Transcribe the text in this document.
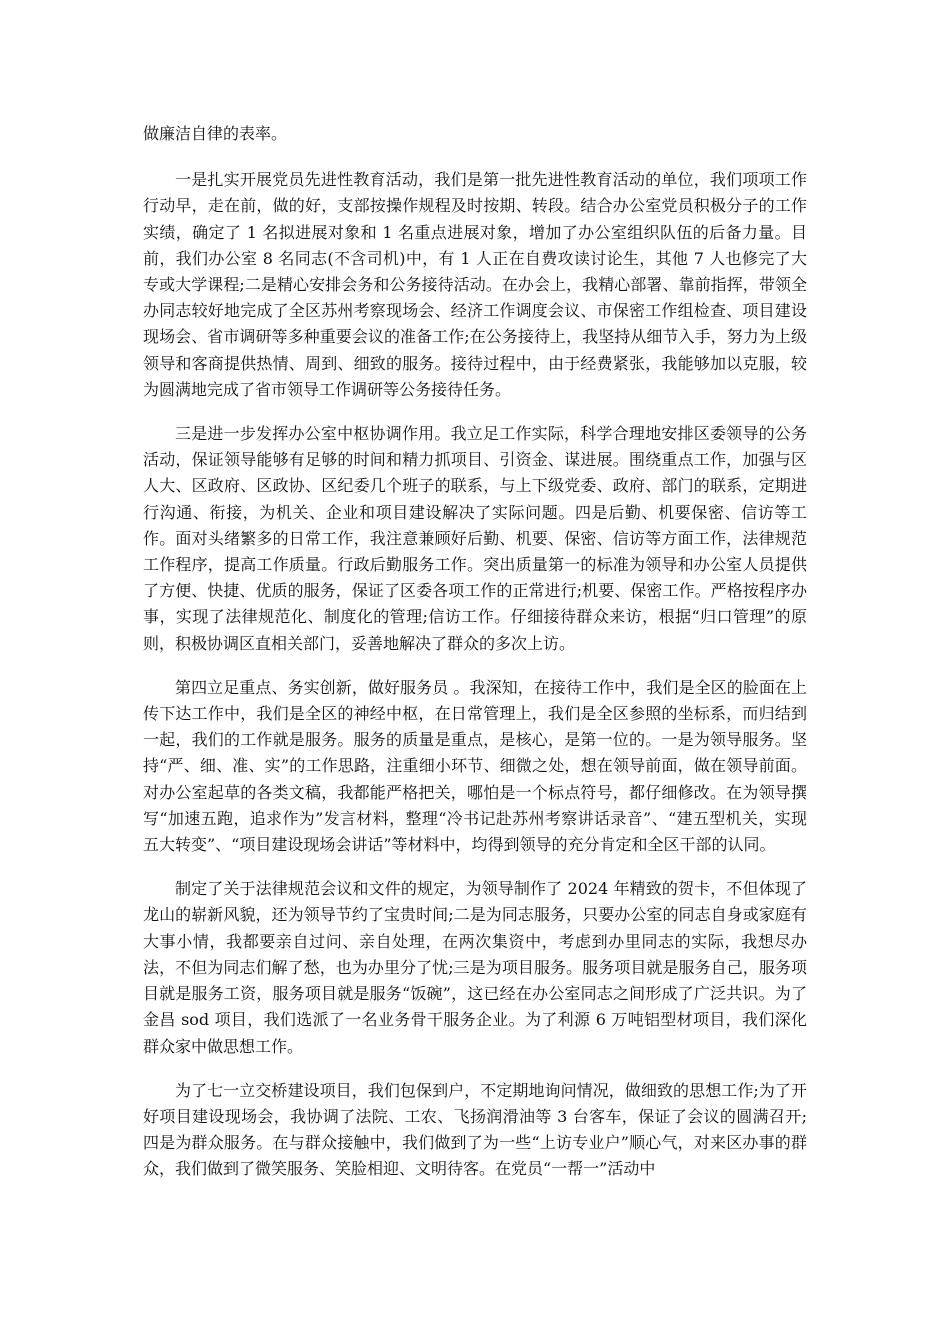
做廉洁自律的表率。

一是扎实开展党员先进性教育活动，我们是第一批先进性教育活动的单位，我们项项工作行动早，走在前，做的好，支部按操作规程及时按期、转段。结合办公室党员积极分子的工作实绩，确定了 1 名拟进展对象和 1 名重点进展对象，增加了办公室组织队伍的后备力量。目前，我们办公室 8 名同志(不含司机)中，有 1 人正在自费攻读讨论生，其他 7 人也修完了大专或大学课程;二是精心安排会务和公务接待活动。在办会上，我精心部署、靠前指挥，带领全办同志较好地完成了全区苏州考察现场会、经济工作调度会议、市保密工作组检查、项目建设现场会、省市调研等多种重要会议的准备工作;在公务接待上，我坚持从细节入手，努力为上级领导和客商提供热情、周到、细致的服务。接待过程中，由于经费紧张，我能够加以克服，较为圆满地完成了省市领导工作调研等公务接待任务。

三是进一步发挥办公室中枢协调作用。我立足工作实际，科学合理地安排区委领导的公务活动，保证领导能够有足够的时间和精力抓项目、引资金、谋进展。围绕重点工作，加强与区人大、区政府、区政协、区纪委几个班子的联系，与上下级党委、政府、部门的联系，定期进行沟通、衔接，为机关、企业和项目建设解决了实际问题。四是后勤、机要保密、信访等工作。面对头绪繁多的日常工作，我注意兼顾好后勤、机要、保密、信访等方面工作，法律规范工作程序，提高工作质量。行政后勤服务工作。突出质量第一的标准为领导和办公室人员提供了方便、快捷、优质的服务，保证了区委各项工作的正常进行;机要、保密工作。严格按程序办事，实现了法律规范化、制度化的管理;信访工作。仔细接待群众来访，根据“归口管理”的原则，积极协调区直相关部门，妥善地解决了群众的多次上访。

第四立足重点、务实创新，做好服务员 。我深知，在接待工作中，我们是全区的脸面在上传下达工作中，我们是全区的神经中枢，在日常管理上，我们是全区参照的坐标系，而归结到一起，我们的工作就是服务。服务的质量是重点，是核心，是第一位的。一是为领导服务。坚持“严、细、准、实”的工作思路，注重细小环节、细微之处，想在领导前面，做在领导前面。对办公室起草的各类文稿，我都能严格把关，哪怕是一个标点符号，都仔细修改。在为领导撰写“加速五跑，追求作为”发言材料，整理“冷书记赴苏州考察讲话录音”、“建五型机关，实现五大转变”、“项目建设现场会讲话”等材料中，均得到领导的充分肯定和全区干部的认同。

制定了关于法律规范会议和文件的规定，为领导制作了 2024 年精致的贺卡，不但体现了龙山的崭新风貌，还为领导节约了宝贵时间;二是为同志服务，只要办公室的同志自身或家庭有大事小情，我都要亲自过问、亲自处理，在两次集资中，考虑到办里同志的实际，我想尽办法，不但为同志们解了愁，也为办里分了忧;三是为项目服务。服务项目就是服务自己，服务项目就是服务工资，服务项目就是服务“饭碗”，这已经在办公室同志之间形成了广泛共识。为了金昌 sod 项目，我们选派了一名业务骨干服务企业。为了利源 6 万吨铝型材项目，我们深化群众家中做思想工作。

为了七一立交桥建设项目，我们包保到户，不定期地询问情况，做细致的思想工作;为了开好项目建设现场会，我协调了法院、工农、飞扬润滑油等 3 台客车，保证了会议的圆满召开;四是为群众服务。在与群众接触中，我们做到了为一些“上访专业户”顺心气，对来区办事的群众，我们做到了微笑服务、笑脸相迎、文明待客。在党员“一帮一”活动中
